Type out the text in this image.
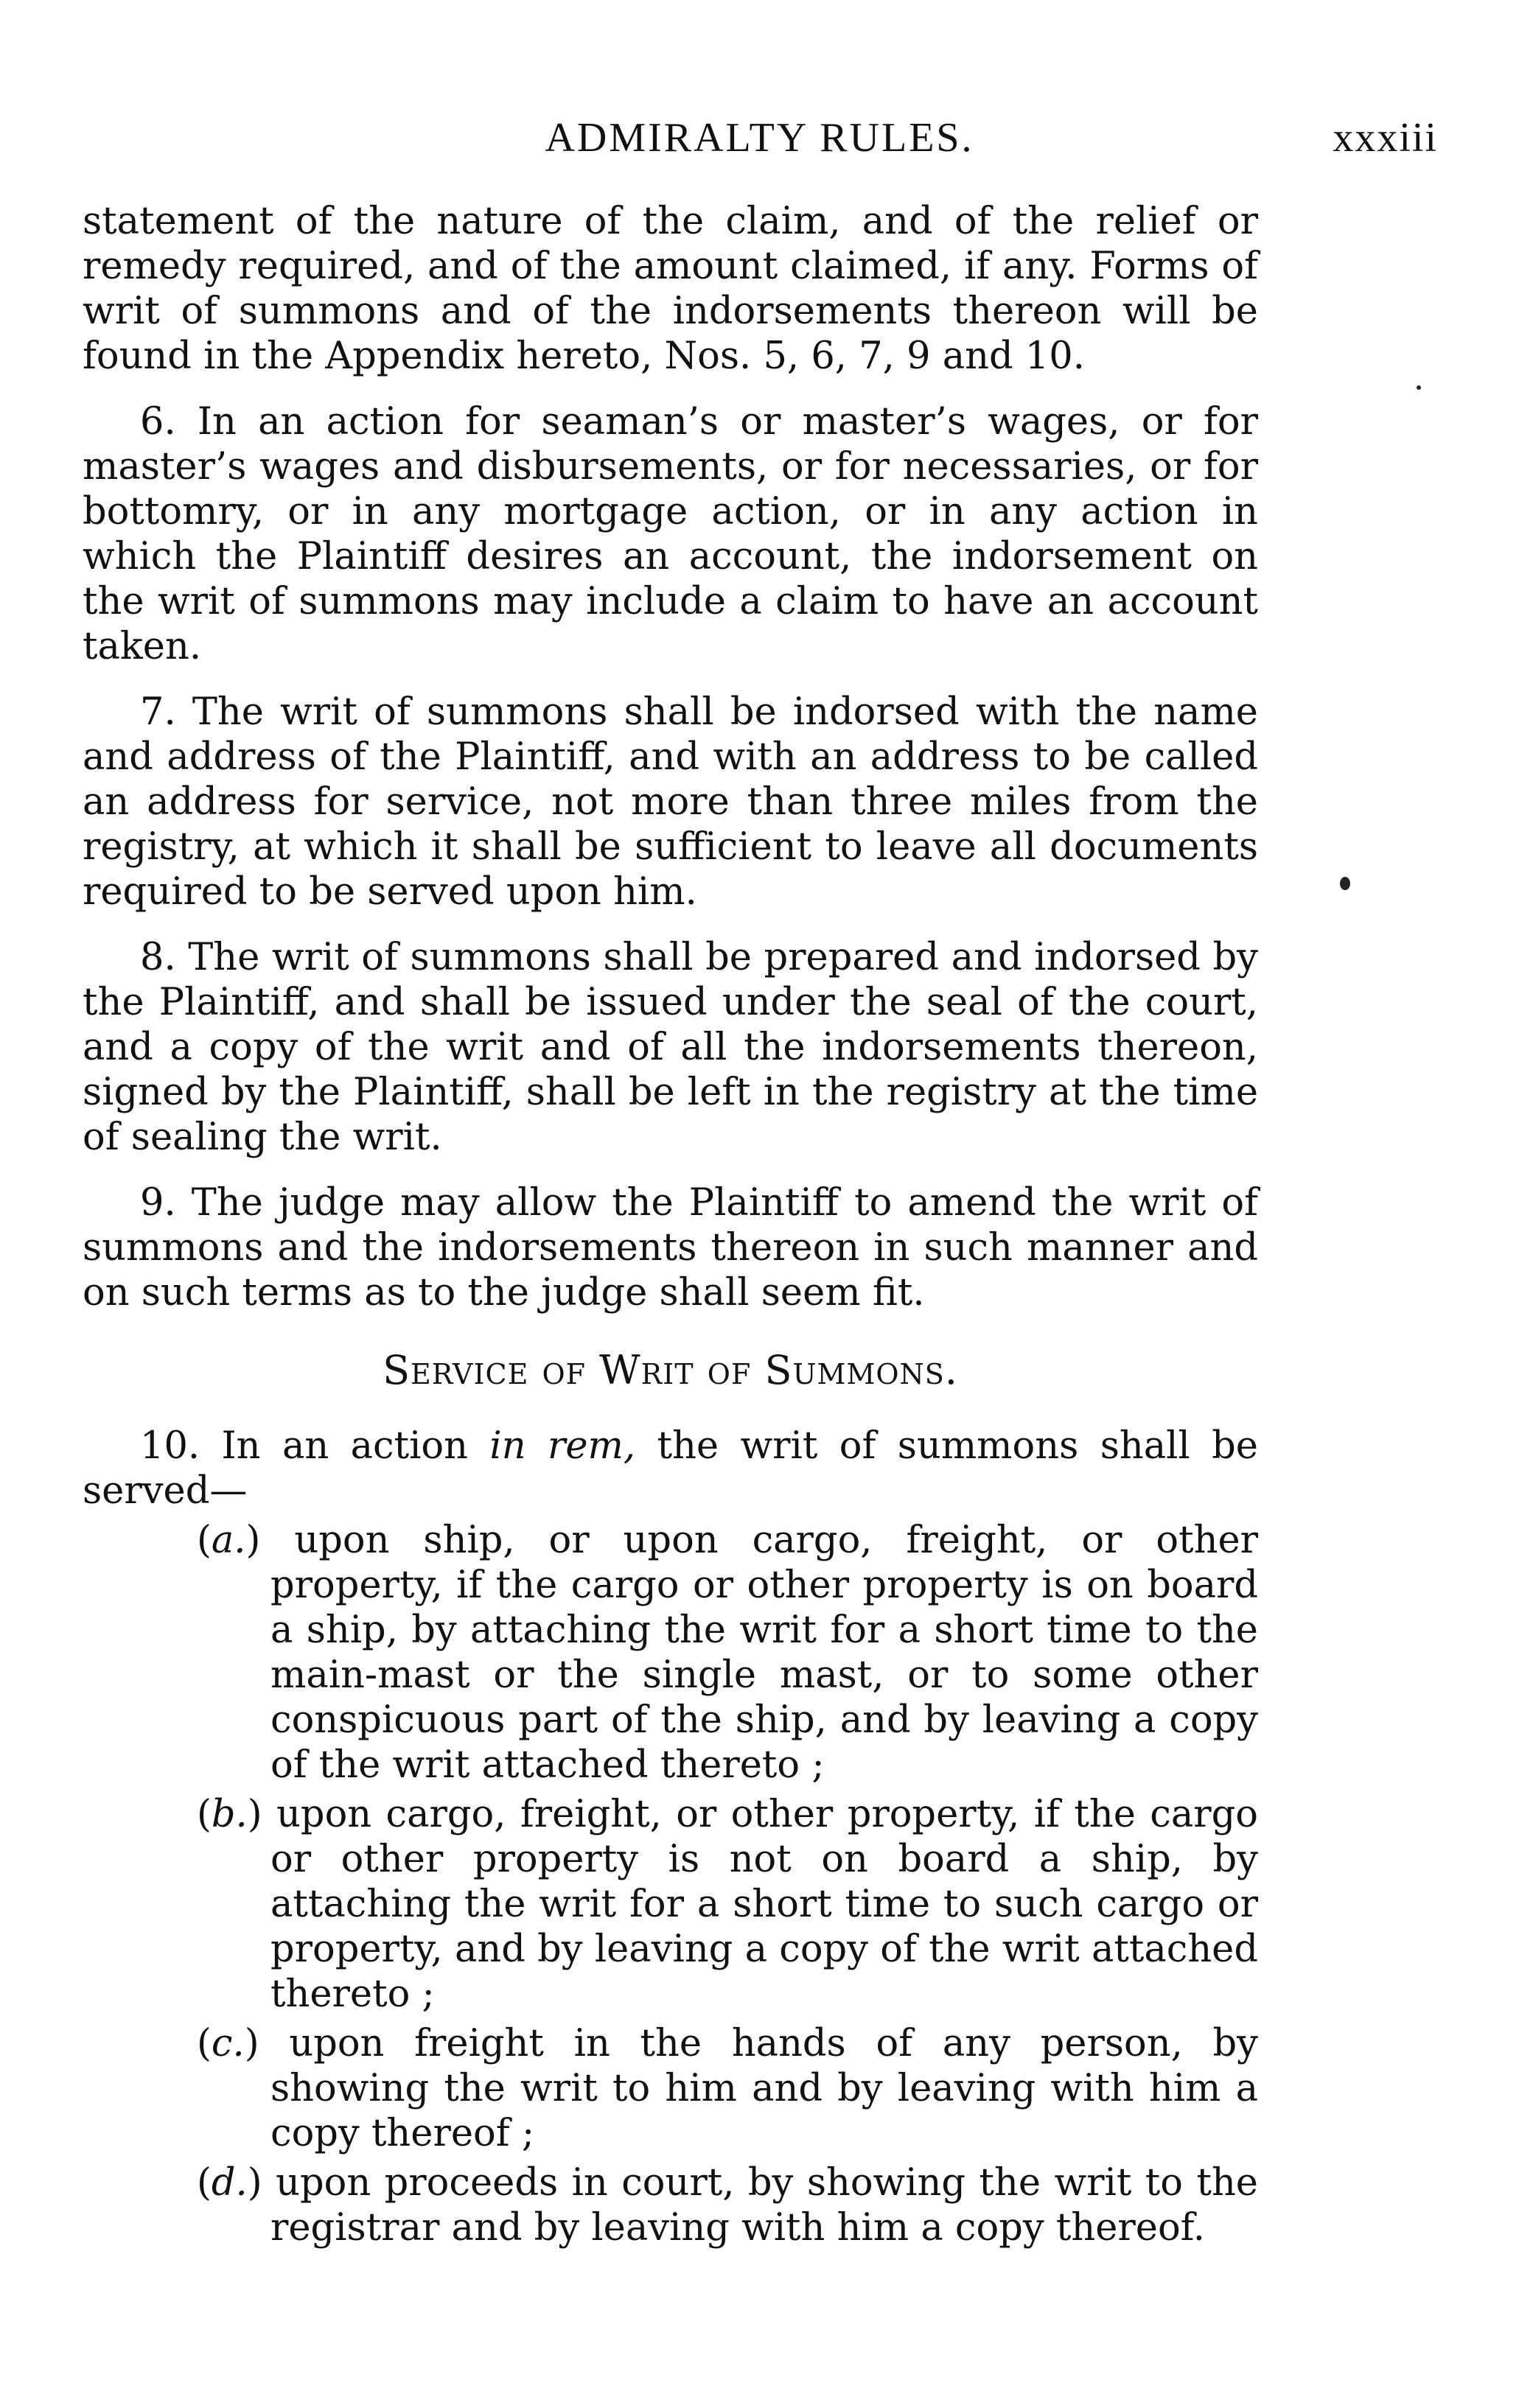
ADMIRALTY RULES.	xxxiii

statement of the nature of the claim, and of the relief or remedy required, and of the amount claimed, if any. Forms of writ of summons and of the indorsements thereon will be found in the Appendix hereto, Nos. 5, 6, 7, 9 and 10.

6. In an action for seaman’s or master’s wages, or for master’s wages and disbursements, or for necessaries, or for bottomry, or in any mortgage action, or in any action in which the Plaintiff desires an account, the indorsement on the writ of summons may include a claim to have an account taken.

7. The writ of summons shall be indorsed with the name and address of the Plaintiff, and with an address to be called an address for service, not more than three miles from the registry, at which it shall be sufficient to leave all documents required to be served upon him.

8. The writ of summons shall be prepared and indorsed by the Plaintiff, and shall be issued under the seal of the court, and a copy of the writ and of all the indorsements thereon, signed by the Plaintiff, shall be left in the registry at the time of sealing the writ.

9. The judge may allow the Plaintiff to amend the writ of summons and the indorsements thereon in such manner and on such terms as to the judge shall seem fit.

Service of Writ of Summons.

10. In an action in rem, the writ of summons shall be served—

(a.) upon ship, or upon cargo, freight, or other property, if the cargo or other property is on board a ship, by attaching the writ for a short time to the main-mast or the single mast, or to some other conspicuous part of the ship, and by leaving a copy of the writ attached thereto ;

(b.) upon cargo, freight, or other property, if the cargo or other property is not on board a ship, by attaching the writ for a short time to such cargo or property, and by leaving a copy of the writ attached thereto ;

(c.) upon freight in the hands of any person, by showing the writ to him and by leaving with him a copy thereof ;

(d.) upon proceeds in court, by showing the writ to the registrar and by leaving with him a copy thereof.
